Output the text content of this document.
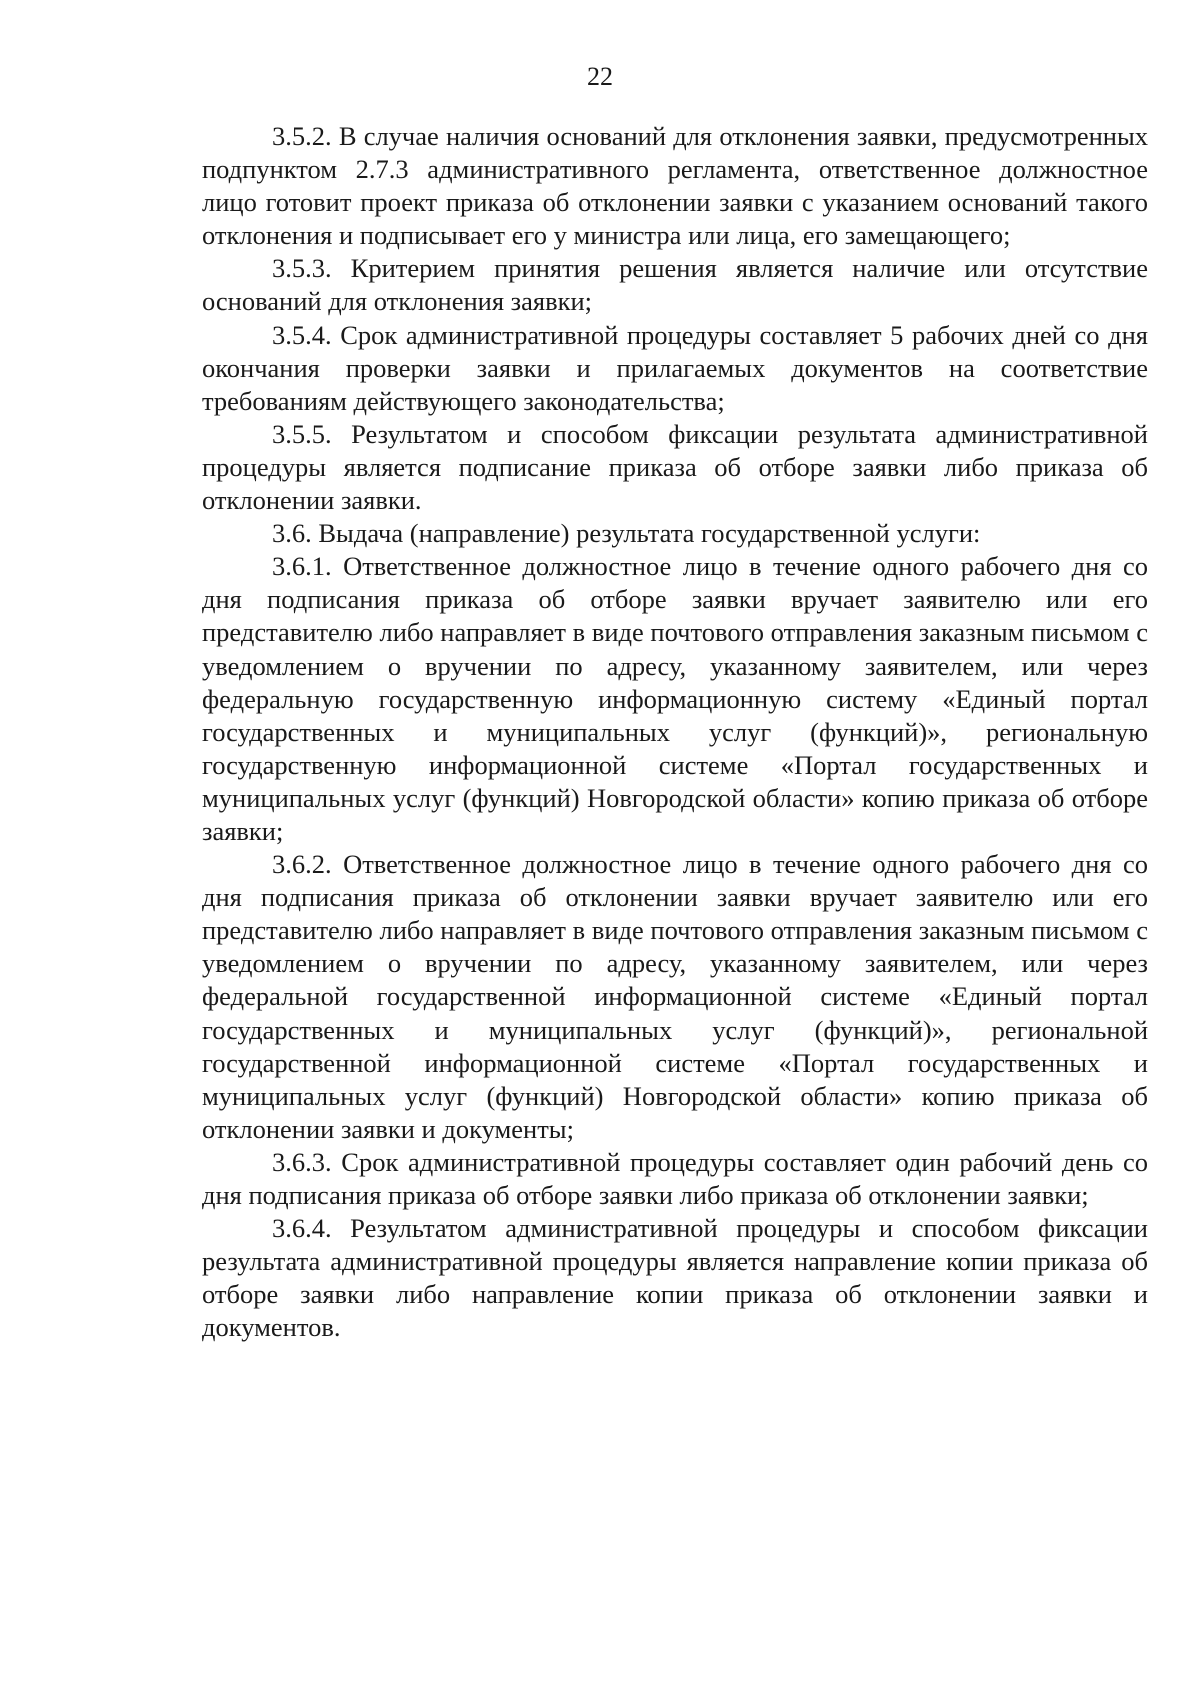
22

3.5.2. В случае наличия оснований для отклонения заявки, предусмотренных подпунктом 2.7.3 административного регламента, ответственное должностное лицо готовит проект приказа об отклонении заявки с указанием оснований такого отклонения и подписывает его у министра или лица, его замещающего;

3.5.3. Критерием принятия решения является наличие или отсутствие оснований для отклонения заявки;

3.5.4. Срок административной процедуры составляет 5 рабочих дней со дня окончания проверки заявки и прилагаемых документов на соответствие требованиям действующего законодательства;

3.5.5. Результатом и способом фиксации результата административной процедуры является подписание приказа об отборе заявки либо приказа об отклонении заявки.

3.6. Выдача (направление) результата государственной услуги:

3.6.1. Ответственное должностное лицо в течение одного рабочего дня со дня подписания приказа об отборе заявки вручает заявителю или его представителю либо направляет в виде почтового отправления заказным письмом с уведомлением о вручении по адресу, указанному заявителем, или через федеральную государственную информационную систему «Единый портал государственных и муниципальных услуг (функций)», региональную государственную информационной системе «Портал государственных и муниципальных услуг (функций) Новгородской области» копию приказа об отборе заявки;

3.6.2. Ответственное должностное лицо в течение одного рабочего дня со дня подписания приказа об отклонении заявки вручает заявителю или его представителю либо направляет в виде почтового отправления заказным письмом с уведомлением о вручении по адресу, указанному заявителем, или через федеральной государственной информационной системе «Единый портал государственных и муниципальных услуг (функций)», региональной государственной информационной системе «Портал государственных и муниципальных услуг (функций) Новгородской области» копию приказа об отклонении заявки и документы;

3.6.3. Срок административной процедуры составляет один рабочий день со дня подписания приказа об отборе заявки либо приказа об отклонении заявки;

3.6.4. Результатом административной процедуры и способом фиксации результата административной процедуры является направление копии приказа об отборе заявки либо направление копии приказа об отклонении заявки и документов.
